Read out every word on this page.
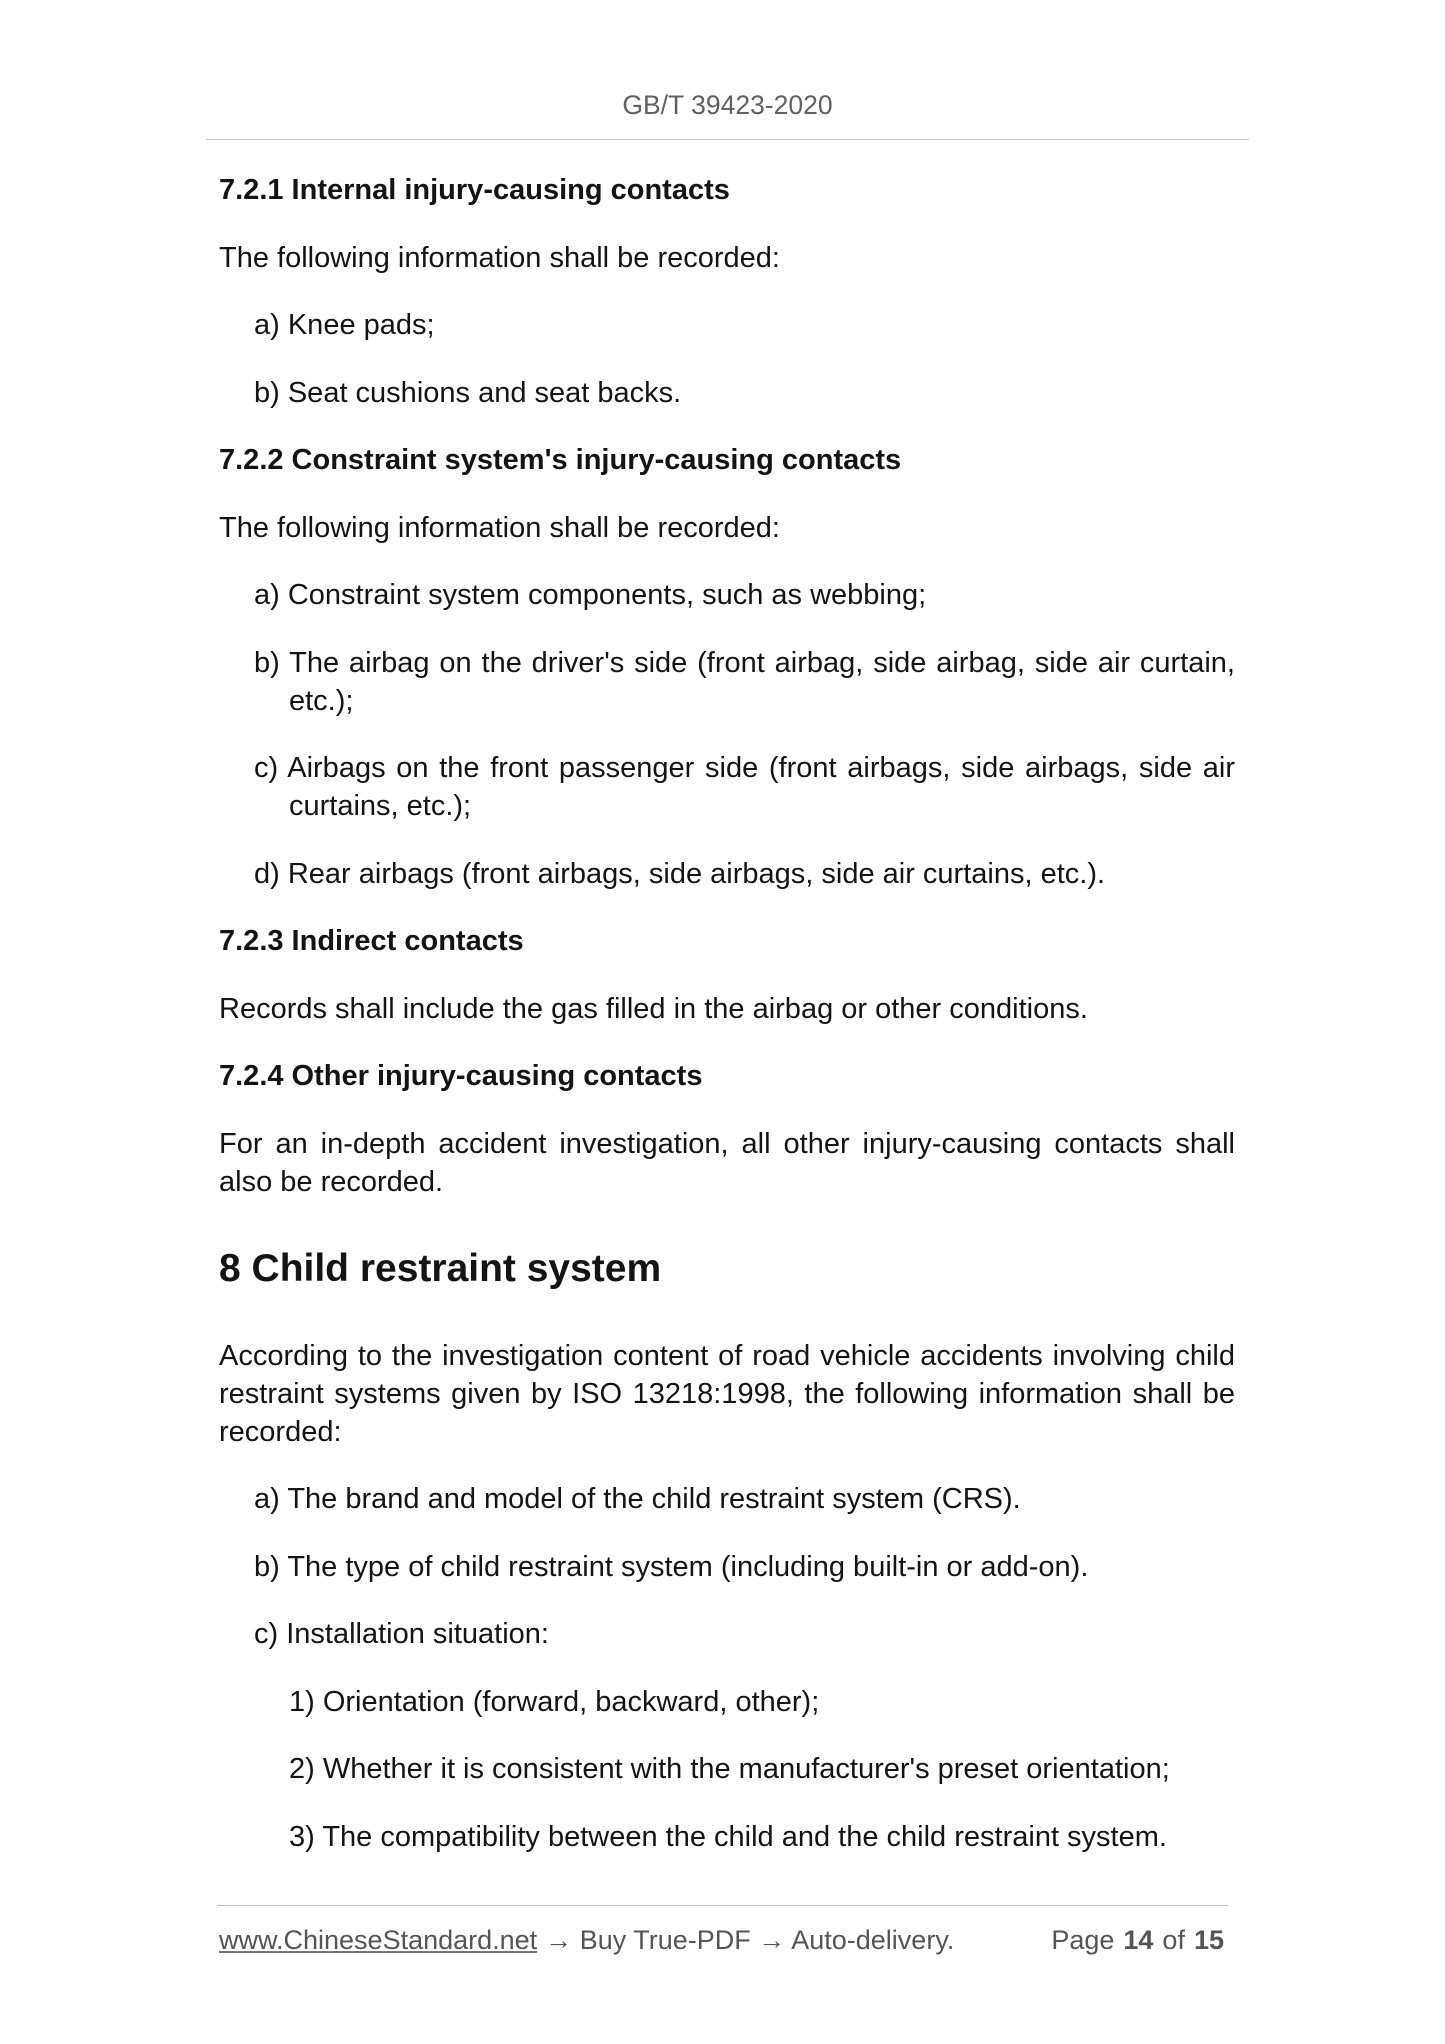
GB/T 39423-2020

7.2.1 Internal injury-causing contacts

The following information shall be recorded:

a) Knee pads;

b) Seat cushions and seat backs.

7.2.2 Constraint system's injury-causing contacts

The following information shall be recorded:

a) Constraint system components, such as webbing;

b) The airbag on the driver's side (front airbag, side airbag, side air curtain, etc.);

c) Airbags on the front passenger side (front airbags, side airbags, side air curtains, etc.);

d) Rear airbags (front airbags, side airbags, side air curtains, etc.).

7.2.3 Indirect contacts

Records shall include the gas filled in the airbag or other conditions.

7.2.4 Other injury-causing contacts

For an in-depth accident investigation, all other injury-causing contacts shall also be recorded.

8 Child restraint system

According to the investigation content of road vehicle accidents involving child restraint systems given by ISO 13218:1998, the following information shall be recorded:

a) The brand and model of the child restraint system (CRS).

b) The type of child restraint system (including built-in or add-on).

c) Installation situation:

1) Orientation (forward, backward, other);

2) Whether it is consistent with the manufacturer's preset orientation;

3) The compatibility between the child and the child restraint system.

www.ChineseStandard.net → Buy True-PDF → Auto-delivery.	Page 14 of 15
